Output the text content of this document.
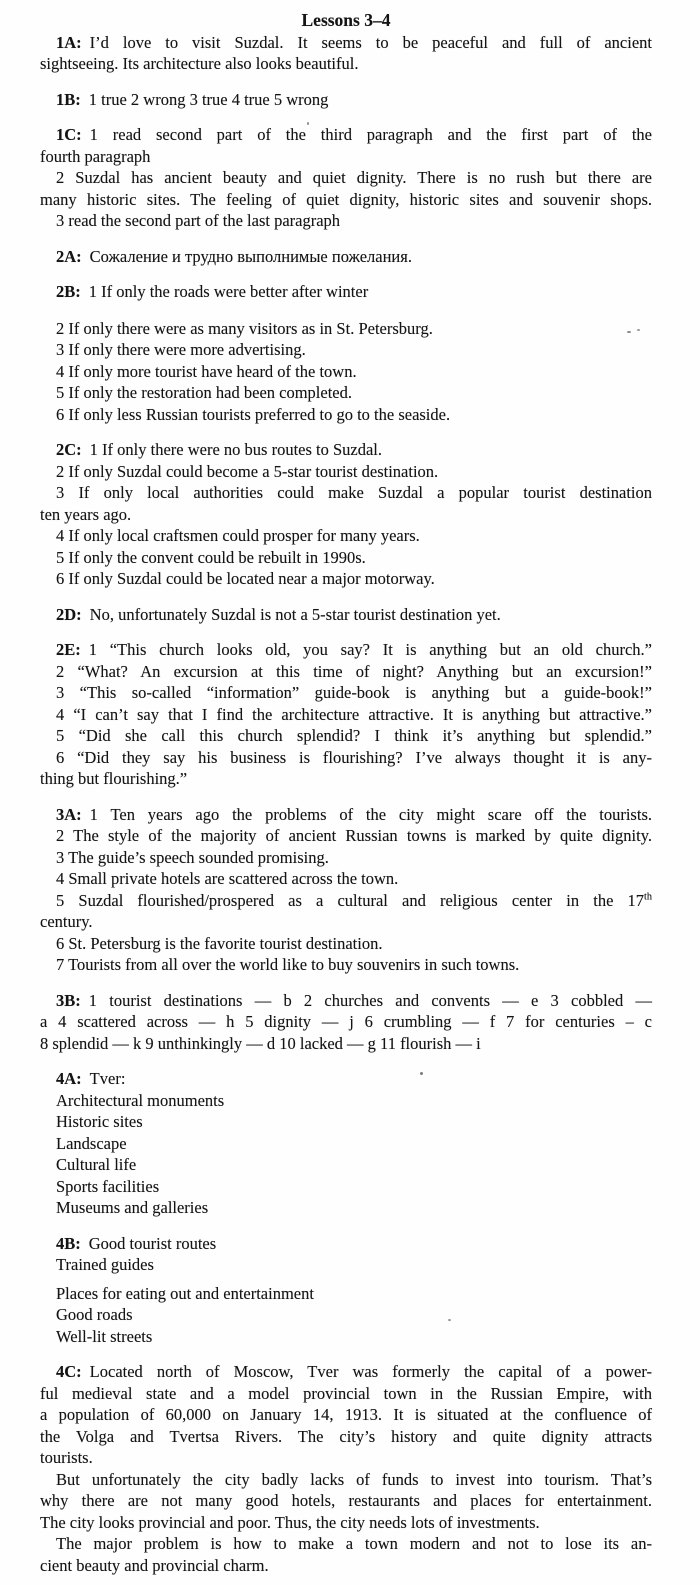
Lessons 3–4

1A: I’d love to visit Suzdal. It seems to be peaceful and full of ancient

sightseeing. Its architecture also looks beautiful.

1B: 1 true 2 wrong 3 true 4 true 5 wrong

1C: 1 read second part of the third paragraph and the first part of the

fourth paragraph

2 Suzdal has ancient beauty and quiet dignity. There is no rush but there are

many historic sites. The feeling of quiet dignity, historic sites and souvenir shops.

3 read the second part of the last paragraph

2A: Сожаление и трудно выполнимые пожелания.

2B: 1 If only the roads were better after winter

2 If only there were as many visitors as in St. Petersburg.

3 If only there were more advertising.

4 If only more tourist have heard of the town.

5 If only the restoration had been completed.

6 If only less Russian tourists preferred to go to the seaside.

2C: 1 If only there were no bus routes to Suzdal.

2 If only Suzdal could become a 5-star tourist destination.

3 If only local authorities could make Suzdal a popular tourist destination

ten years ago.

4 If only local craftsmen could prosper for many years.

5 If only the convent could be rebuilt in 1990s.

6 If only Suzdal could be located near a major motorway.

2D: No, unfortunately Suzdal is not a 5-star tourist destination yet.

2E: 1 “This church looks old, you say? It is anything but an old church.”

2 “What? An excursion at this time of night? Anything but an excursion!”

3 “This so-called “information” guide-book is anything but a guide-book!”

4 “I can’t say that I find the architecture attractive. It is anything but attractive.”

5 “Did she call this church splendid? I think it’s anything but splendid.”

6 “Did they say his business is flourishing? I’ve always thought it is any-

thing but flourishing.”

3A: 1 Ten years ago the problems of the city might scare off the tourists.

2 The style of the majority of ancient Russian towns is marked by quite dignity.

3 The guide’s speech sounded promising.

4 Small private hotels are scattered across the town.

5 Suzdal flourished/prospered as a cultural and religious center in the 17th

century.

6 St. Petersburg is the favorite tourist destination.

7 Tourists from all over the world like to buy souvenirs in such towns.

3B: 1 tourist destinations — b 2 churches and convents — e 3 cobbled —

a 4 scattered across — h 5 dignity — j 6 crumbling — f 7 for centuries – c

8 splendid — k 9 unthinkingly — d 10 lacked — g 11 flourish — i

4A: Tver:

Architectural monuments

Historic sites

Landscape

Cultural life

Sports facilities

Museums and galleries

4B: Good tourist routes

Trained guides

Places for eating out and entertainment

Good roads

Well-lit streets

4C: Located north of Moscow, Tver was formerly the capital of a power-

ful medieval state and a model provincial town in the Russian Empire, with

a population of 60,000 on January 14, 1913. It is situated at the confluence of

the Volga and Tvertsa Rivers. The city’s history and quite dignity attracts

tourists.

But unfortunately the city badly lacks of funds to invest into tourism. That’s

why there are not many good hotels, restaurants and places for entertainment.

The city looks provincial and poor. Thus, the city needs lots of investments.

The major problem is how to make a town modern and not to lose its an-

cient beauty and provincial charm.
